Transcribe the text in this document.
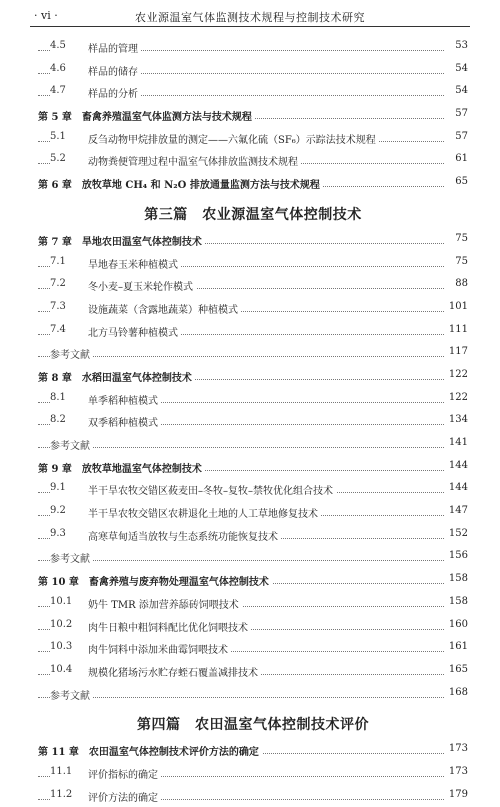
· vi ·	农业源温室气体监测技术规程与控制技术研究
4.5	样品的管理	53
4.6	样品的储存	54
4.7	样品的分析	54
第 5 章 畜禽养殖温室气体监测方法与技术规程	57
5.1	反刍动物甲烷排放量的测定——六氟化硫（SF₆）示踪法技术规程	57
5.2	动物粪便管理过程中温室气体排放监测技术规程	61
第 6 章 放牧草地 CH₄ 和 N₂O 排放通量监测方法与技术规程	65
第三篇　农业源温室气体控制技术
第 7 章 旱地农田温室气体控制技术	75
7.1	旱地春玉米种植模式	75
7.2	冬小麦–夏玉米轮作模式	88
7.3	设施蔬菜（含露地蔬菜）种植模式	101
7.4	北方马铃薯种植模式	111
参考文献	117
第 8 章 水稻田温室气体控制技术	122
8.1	单季稻种植模式	122
8.2	双季稻种植模式	134
参考文献	141
第 9 章 放牧草地温室气体控制技术	144
9.1	半干旱农牧交错区莜麦田–冬牧–复牧–禁牧优化组合技术	144
9.2	半干旱农牧交错区农耕退化土地的人工草地修复技术	147
9.3	高寒草甸适当放牧与生态系统功能恢复技术	152
参考文献	156
第 10 章 畜禽养殖与废弃物处理温室气体控制技术	158
10.1	奶牛 TMR 添加营养舔砖饲喂技术	158
10.2	肉牛日粮中粗饲料配比优化饲喂技术	160
10.3	肉牛饲料中添加米曲霉饲喂技术	161
10.4	规模化猪场污水贮存蛭石覆盖减排技术	165
参考文献	168
第四篇　农田温室气体控制技术评价
第 11 章 农田温室气体控制技术评价方法的确定	173
11.1	评价指标的确定	173
11.2	评价方法的确定	179
